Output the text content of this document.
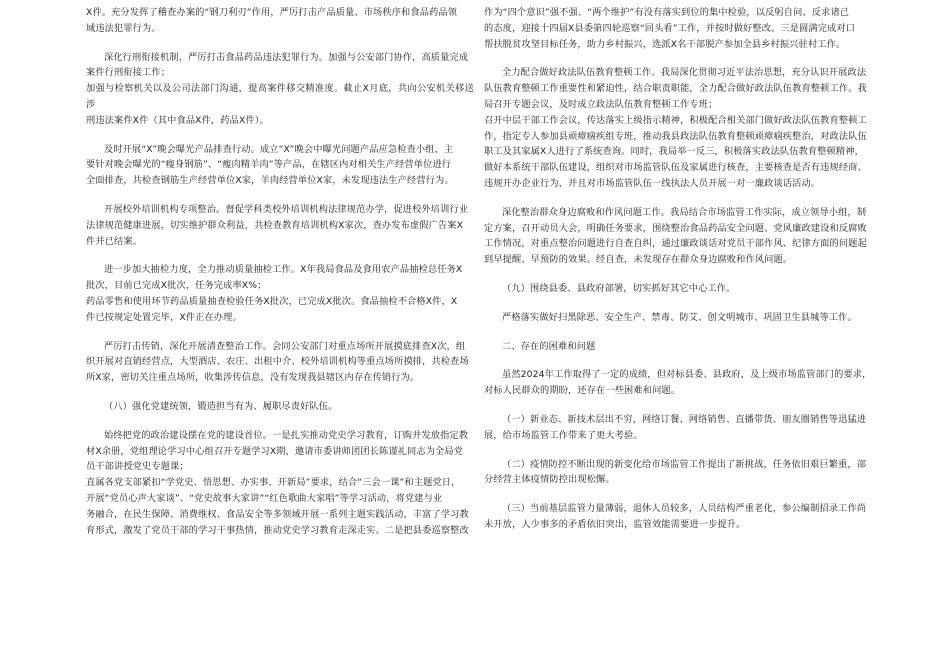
X件。充分发挥了稽查办案的“钢刀利刃”作用，严厉打击产品质量、市场秩序和食品药品领
域违法犯罪行为。

深化行刑衔接机制，严厉打击食品药品违法犯罪行为。加强与公安部门协作，高质量完成
案件行刑衔接工作；
加强与检察机关以及公司法部门沟通，提高案件移交精准度。截止X月底，共向公安机关移送涉
刑违法案件X件（其中食品X件，药品X件）。

及时开展“X”晚会曝光产品排查行动。成立“X”晚会中曝光问题产品应急检查小组，主
要针对晚会曝光的“瘦身钢筋”、“瘦肉精羊肉”等产品，在辖区内对相关生产经营单位进行
全面排查，共检查钢筋生产经营单位X家，羊肉经营单位X家，未发现违法生产经营行为。

开展校外培训机构专项整治。督促学科类校外培训机构法律规范办学，促进校外培训行业
法律规范健康进展，切实维护群众利益，共检查教育培训机构X家次，查办发布虚假广告案X
件并已结案。

进一步加大抽检力度，全力推动质量抽检工作。X年我局食品及食用农产品抽检总任务X
批次，目前已完成X批次，任务完成率X%；
药品零售和使用环节药品质量抽查检验任务X批次，已完成X批次。食品抽检不合格X件，X
件已按规定处置完毕，X件正在办理。

严厉打击传销，深化开展清查整治工作。会同公安部门对重点场所开展摸底排查X次，组
织开展对直销经营点，大型酒店、农庄、出租中介、校外培训机构等重点场所摸排，共检查场
所X家，密切关注重点场所，收集涉传信息，没有发现我县辖区内存在传销行为。

（八）强化党建统领，锻造担当有为、履职尽责好队伍。

始终把党的政治建设摆在党的建设首位。一是扎实推动党史学习教育，订购并发放指定教
材X余册，党组理论学习中心组召开专题学习X期，邀请市委讲师团团长陈谨礼同志为全局党
员干部讲授党史专题课；
直属各党支部紧扣“学党史、悟思想、办实事、开新局”要求，结合“三会一课”和主题党日，
开展“党员心声大家谈”、“党史故事大家讲”“红色歌曲大家唱”等学习活动，将党建与业
务融合，在民生保障、消费维权、食品安全等多领域开展一系列主题实践活动，丰富了学习教
育形式，激发了党员干部的学习干事热情，推动党史学习教育走深走实。二是把县委巡察整改

作为“四个意识”强不强、“两个维护”有没有落实到位的集中检验，以反躬自问、反求诸己
的态度，迎接十四届X县委第四轮巡察“回头看”工作，并按时做好整改。三是圆满完成对口
帮扶脱贫攻坚目标任务，助力乡村振兴，选派X名干部脱产参加全县乡村振兴驻村工作。

全力配合做好政法队伍教育整顿工作。我局深化贯彻习近平法治思想，充分认识开展政法
队伍教育整顿工作重要性和紧迫性，结合职责职能，全力配合做好政法队伍教育整顿工作。我
局召开专题会议，及时成立政法队伍教育整顿工作专班；
召开中层干部工作会议，传达落实上级指示精神，积极配合相关部门做好政法队伍教育整顿工
作，指定专人参加县顽瘴痼疾组专班，推动我县政法队伍教育整顿顽瘴痼疾整治，对政法队伍
职工及其家属X人进行了系统查询。同时，我局举一反三，积极落实政法队伍教育整顿精神，
做好本系统干部队伍建设，组织对市场监管队伍及家属进行核查，主要核查是否有违规经商、
违规开办企业行为，并且对市场监管队伍一线执法人员开展一对一廉政谈话活动。

深化整治群众身边腐败和作风问题工作。我局结合市场监管工作实际，成立领导小组，制
定方案，召开动员大会，明确任务要求，围绕整治食品药品安全问题、党风廉政建设和反腐败
工作情况，对重点整治问题进行自查自纠，通过廉政谈话对党员干部作风、纪律方面的问题起
到早提醒、早预防的效果。经自查，未发现存在群众身边腐败和作风问题。

（九）围绕县委、县政府部署，切实抓好其它中心工作。

严格落实做好扫黑除恶、安全生产、禁毒、防艾、创文明城市、巩固卫生县城等工作。

二、存在的困难和问题

虽然2024年工作取得了一定的成绩，但对标县委、县政府，及上级市场监管部门的要求，
对标人民群众的期盼，还存在一些困难和问题。

（一）新业态、新技术层出不穷，网络订餐、网络销售、直播带货、朋友圈销售等迅猛进
展，给市场监管工作带来了更大考验。

（二）疫情防控不断出现的新变化给市场监管工作提出了新挑战，任务依旧艰巨繁重，部
分经营主体疫情防控出现松懈。

（三）当前基层监管力量薄弱，退休人员较多，人员结构严重老化，参公编制招录工作尚
未开放，人少事多的矛盾依旧突出，监管效能需要进一步提升。
